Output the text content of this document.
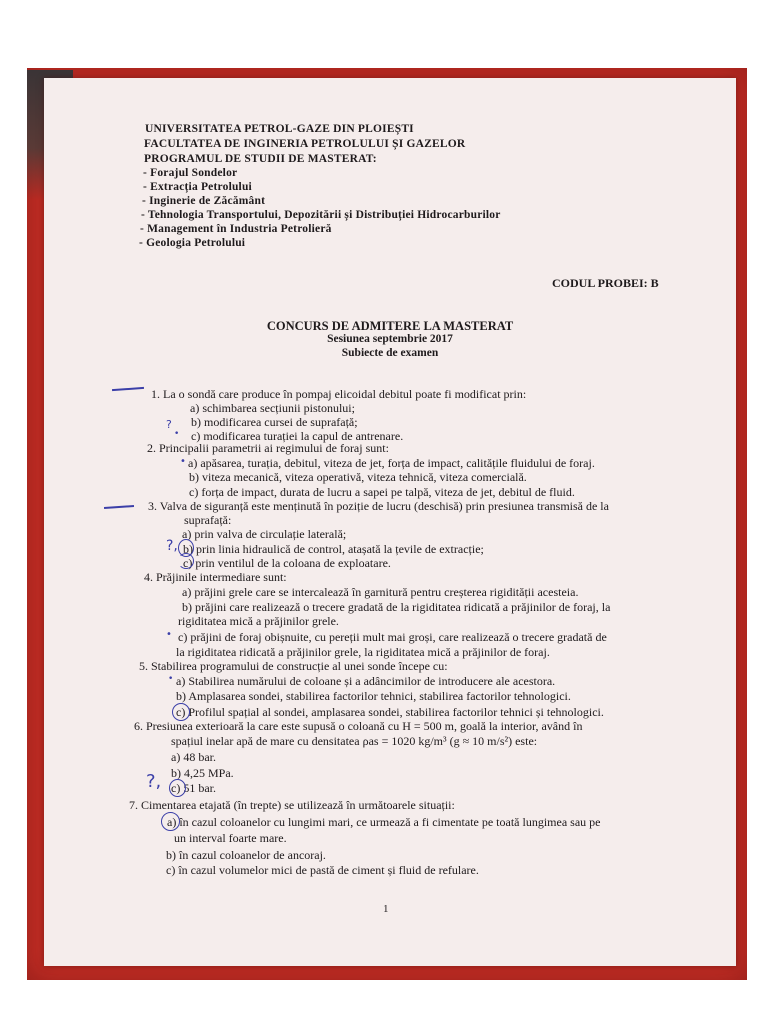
UNIVERSITATEA PETROL-GAZE DIN PLOIEȘTI
FACULTATEA DE INGINERIA PETROLULUI ȘI GAZELOR
PROGRAMUL DE STUDII DE MASTERAT:
- Forajul Sondelor
- Extracția Petrolului
- Inginerie de Zăcământ
- Tehnologia Transportului, Depozitării și Distribuției Hidrocarburilor
- Management în Industria Petrolieră
- Geologia Petrolului
CODUL PROBEI: B
CONCURS DE ADMITERE LA MASTERAT
Sesiunea septembrie 2017
Subiecte de examen
1. La o sondă care produce în pompaj elicoidal debitul poate fi modificat prin:
a) schimbarea secțiunii pistonului;
b) modificarea cursei de suprafață;
c) modificarea turației la capul de antrenare.
?
•
2. Principalii parametrii ai regimului de foraj sunt:
a) apăsarea, turația, debitul, viteza de jet, forța de impact, calitățile fluidului de foraj.
b) viteza mecanică, viteza operativă, viteza tehnică, viteza comercială.
c) forța de impact, durata de lucru a sapei pe talpă, viteza de jet, debitul de fluid.
•
3. Valva de siguranță este menținută în poziție de lucru (deschisă) prin presiunea transmisă de la
suprafață:
a) prin valva de circulație laterală;
b) prin linia hidraulică de control, atașată la țevile de extracție;
c) prin ventilul de la coloana de exploatare.
?,
4. Prăjinile intermediare sunt:
a) prăjini grele care se intercalează în garnitură pentru creșterea rigidității acesteia.
b) prăjini care realizează o trecere gradată de la rigiditatea ridicată a prăjinilor de foraj, la
rigiditatea mică a prăjinilor grele.
c) prăjini de foraj obișnuite, cu pereții mult mai groși, care realizează o trecere gradată de
la rigiditatea ridicată a prăjinilor grele, la rigiditatea mică a prăjinilor de foraj.
•
5. Stabilirea programului de construcție al unei sonde începe cu:
a) Stabilirea numărului de coloane și a adâncimilor de introducere ale acestora.
b) Amplasarea sondei, stabilirea factorilor tehnici, stabilirea factorilor tehnologici.
c) Profilul spațial al sondei, amplasarea sondei, stabilirea factorilor tehnici și tehnologici.
•
6. Presiunea exterioară la care este supusă o coloană cu H = 500 m, goală la interior, având în
spațiul inelar apă de mare cu densitatea ρas = 1020 kg/m³ (g ≈ 10 m/s²) este:
a) 48 bar.
b) 4,25 MPa.
c) 51 bar.
?,
7. Cimentarea etajată (în trepte) se utilizează în următoarele situații:
a) în cazul coloanelor cu lungimi mari, ce urmează a fi cimentate pe toată lungimea sau pe
un interval foarte mare.
b) în cazul coloanelor de ancoraj.
c) în cazul volumelor mici de pastă de ciment și fluid de refulare.
1
